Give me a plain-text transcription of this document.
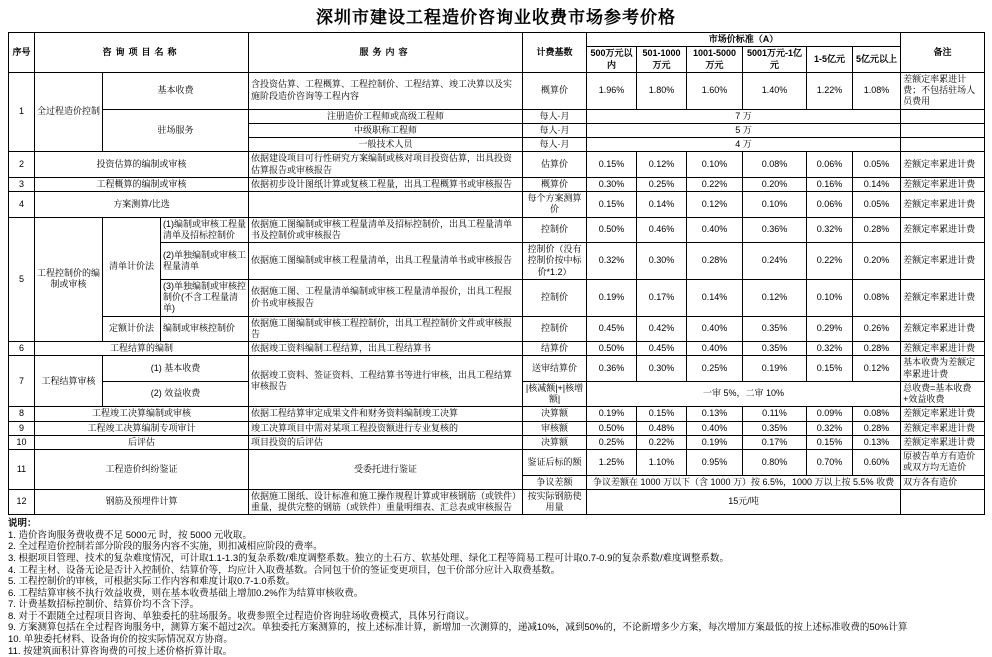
深圳市建设工程造价咨询业收费市场参考价格
序号	咨询项目名称			服务内容	计费基数	市场价标准（A）						备注
						500万元以内	501-1000万元	1001-5000万元	5001万元-1亿元	1-5亿元	5亿元以上	
1	全过程造价控制	基本收费		含投资估算、工程概算、工程控制价、工程结算、竣工决算以及实施阶段造价咨询等工程内容	概算价	1.96%	1.80%	1.60%	1.40%	1.22%	1.08%	差额定率累进计费；不包括驻场人员费用
		驻场服务		注册造价工程师或高级工程师	每人·月	7 万						
				中级职称工程师	每人·月	5 万						
				一般技术人员	每人·月	4 万						
2	投资估算的编制或审核			依据建设项目可行性研究方案编制或核对项目投资估算，出具投资估算报告或审核报告	估算价	0.15%	0.12%	0.10%	0.08%	0.06%	0.05%	差额定率累进计费
3	工程概算的编制或审核			依据初步设计图纸计算或复核工程量，出具工程概算书或审核报告	概算价	0.30%	0.25%	0.22%	0.20%	0.16%	0.14%	差额定率累进计费
4	方案测算/比选				每个方案测算价	0.15%	0.14%	0.12%	0.10%	0.06%	0.05%	差额定率累进计费
5	工程控制价的编制或审核	清单计价法	(1)编制或审核工程量清单及招标控制价	依据施工图编制或审核工程量清单及招标控制价，出具工程量清单书及控制价或审核报告	控制价	0.50%	0.46%	0.40%	0.36%	0.32%	0.28%	差额定率累进计费
			(2)单独编制或审核工程量清单	依据施工图编制或审核工程量清单，出具工程量清单书或审核报告	控制价（没有控制价按中标价*1.2）	0.32%	0.30%	0.28%	0.24%	0.22%	0.20%	差额定率累进计费
			(3)单独编制或审核控制价(不含工程量清单)	依据施工图、工程量清单编制或审核工程量清单报价，出具工程报价书或审核报告	控制价	0.19%	0.17%	0.14%	0.12%	0.10%	0.08%	差额定率累进计费
		定额计价法	编制或审核控制价	依据施工图编制或审核工程控制价，出具工程控制价文件或审核报告	控制价	0.45%	0.42%	0.40%	0.35%	0.29%	0.26%	差额定率累进计费
6	工程结算的编制			依据竣工资料编制工程结算，出具工程结算书	结算价	0.50%	0.45%	0.40%	0.35%	0.32%	0.28%	差额定率累进计费
7	工程结算审核	(1) 基本收费		依据竣工资料、签证资料、工程结算书等进行审核，出具工程结算审核报告	送审结算价	0.36%	0.30%	0.25%	0.19%	0.15%	0.12%	基本收费为差额定率累进计费
		(2) 效益收费			|核减额|+|核增额|	一审 5%，二审 10%						总收费=基本收费+效益收费
8	工程竣工决算编制或审核			依据工程结算审定成果文件和财务资料编制竣工决算	决算额	0.19%	0.15%	0.13%	0.11%	0.09%	0.08%	差额定率累进计费
9	工程竣工决算编制专项审计			竣工决算项目中需对某项工程投资额进行专业复核的	审核额	0.50%	0.48%	0.40%	0.35%	0.32%	0.28%	差额定率累进计费
10	后评估			项目投资的后评估	决算额	0.25%	0.22%	0.19%	0.17%	0.15%	0.13%	差额定率累进计费
11	工程造价纠纷鉴证			受委托进行鉴证	鉴证后标的额	1.25%	1.10%	0.95%	0.80%	0.70%	0.60%	原被告单方有造价或双方均无造价
					争议差额	争议差额在 1000 万以下（含 1000 万）按 6.5%，1000 万以上按 5.5% 收费						双方各有造价
12	钢筋及预埋件计算			依据施工图纸、设计标准和施工操作规程计算或审核钢筋（或铁件）重量，提供完整的钢筋（或铁件）重量明细表、汇总表或审核报告	按实际钢筋使用量	15元/吨						
说明：
1. 造价咨询服务费收费不足 5000元 时，按 5000 元收取。
2. 全过程造价控制若部分阶段的服务内容不实施，则扣减相应阶段的费率。
3. 根据项目管理、技术的复杂难度情况，可计取1.1-1.3的复杂系数/难度调整系数。独立的土石方、软基处理、绿化工程等简易工程可计取0.7-0.9的复杂系数/难度调整系数。
4. 工程主材、设备无论是否计入控制价、结算价等，均应计入取费基数。合同包干价的签证变更项目，包干价部分应计入取费基数。
5. 工程控制价的审核，可根据实际工作内容和难度计取0.7-1.0系数。
6. 工程结算审核不执行效益收费，则在基本收费基础上增加0.2%作为结算审核收费。
7. 计费基数招标控制价、结算价均不含下浮。
8. 对于不跟随全过程项目咨询、单独委托的驻场服务。收费参照全过程造价咨询驻场收费模式，具体另行商议。
9. 方案测算包括在全过程咨询服务中，测算方案不超过2次。单独委托方案测算的，按上述标准计算，新增加一次测算的，递减10%，减到50%的，不论新增多少方案，每次增加方案最低的按上述标准收费的50%计算
10. 单独委托材料、设备询价的按实际情况双方协商。
11. 按建筑面积计算咨询费的可按上述价格折算计取。
